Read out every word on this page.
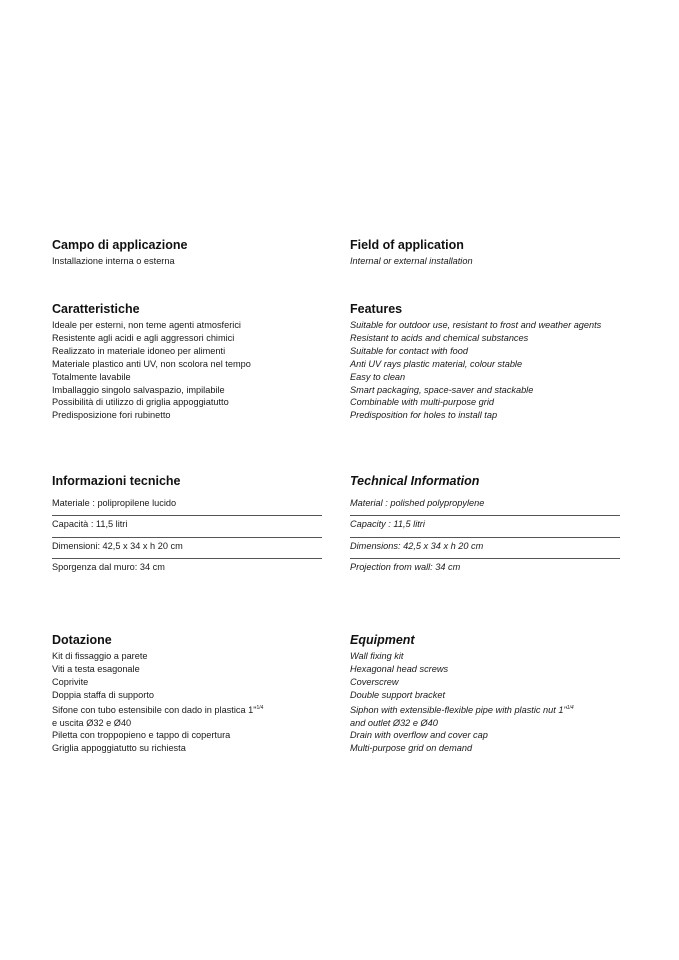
Campo di applicazione
Installazione interna o esterna
Caratteristiche
Ideale per esterni, non teme agenti atmosferici
Resistente agli acidi e agli aggressori chimici
Realizzato in materiale idoneo per alimenti
Materiale plastico anti UV, non scolora nel tempo
Totalmente lavabile
Imballaggio singolo salvaspazio, impilabile
Possibilità di utilizzo di griglia appoggiatutto
Predisposizione fori rubinetto
Informazioni tecniche
Materiale : polipropilene lucido
Capacità : 11,5 litri
Dimensioni: 42,5 x 34 x h 20 cm
Sporgenza dal muro: 34 cm
Dotazione
Kit di fissaggio a parete
Viti a testa esagonale
Coprivite
Doppia staffa di supporto
Sifone con tubo estensibile con dado in plastica 1"$^{1/4}$
e uscita Ø32 e Ø40
Piletta con troppopieno e tappo di copertura
Griglia appoggiatutto su richiesta
Field of application
Internal or external installation
Features
Suitable for outdoor use, resistant to frost and weather agents
Resistant to acids and chemical substances
Suitable for contact with food
Anti UV rays plastic material, colour stable
Easy to clean
Smart packaging, space-saver and stackable
Combinable with multi-purpose grid
Predisposition for holes to install tap
Technical Information
Material : polished polypropylene
Capacity : 11,5 litri
Dimensions: 42,5 x 34 x h 20 cm
Projection from wall: 34 cm
Equipment
Wall fixing kit
Hexagonal head screws
Coverscrew
Double support bracket
Siphon with extensible-flexible pipe with plastic nut 1"$^{1/4}$
and outlet Ø32 e Ø40
Drain with overflow and cover cap
Multi-purpose grid on demand
